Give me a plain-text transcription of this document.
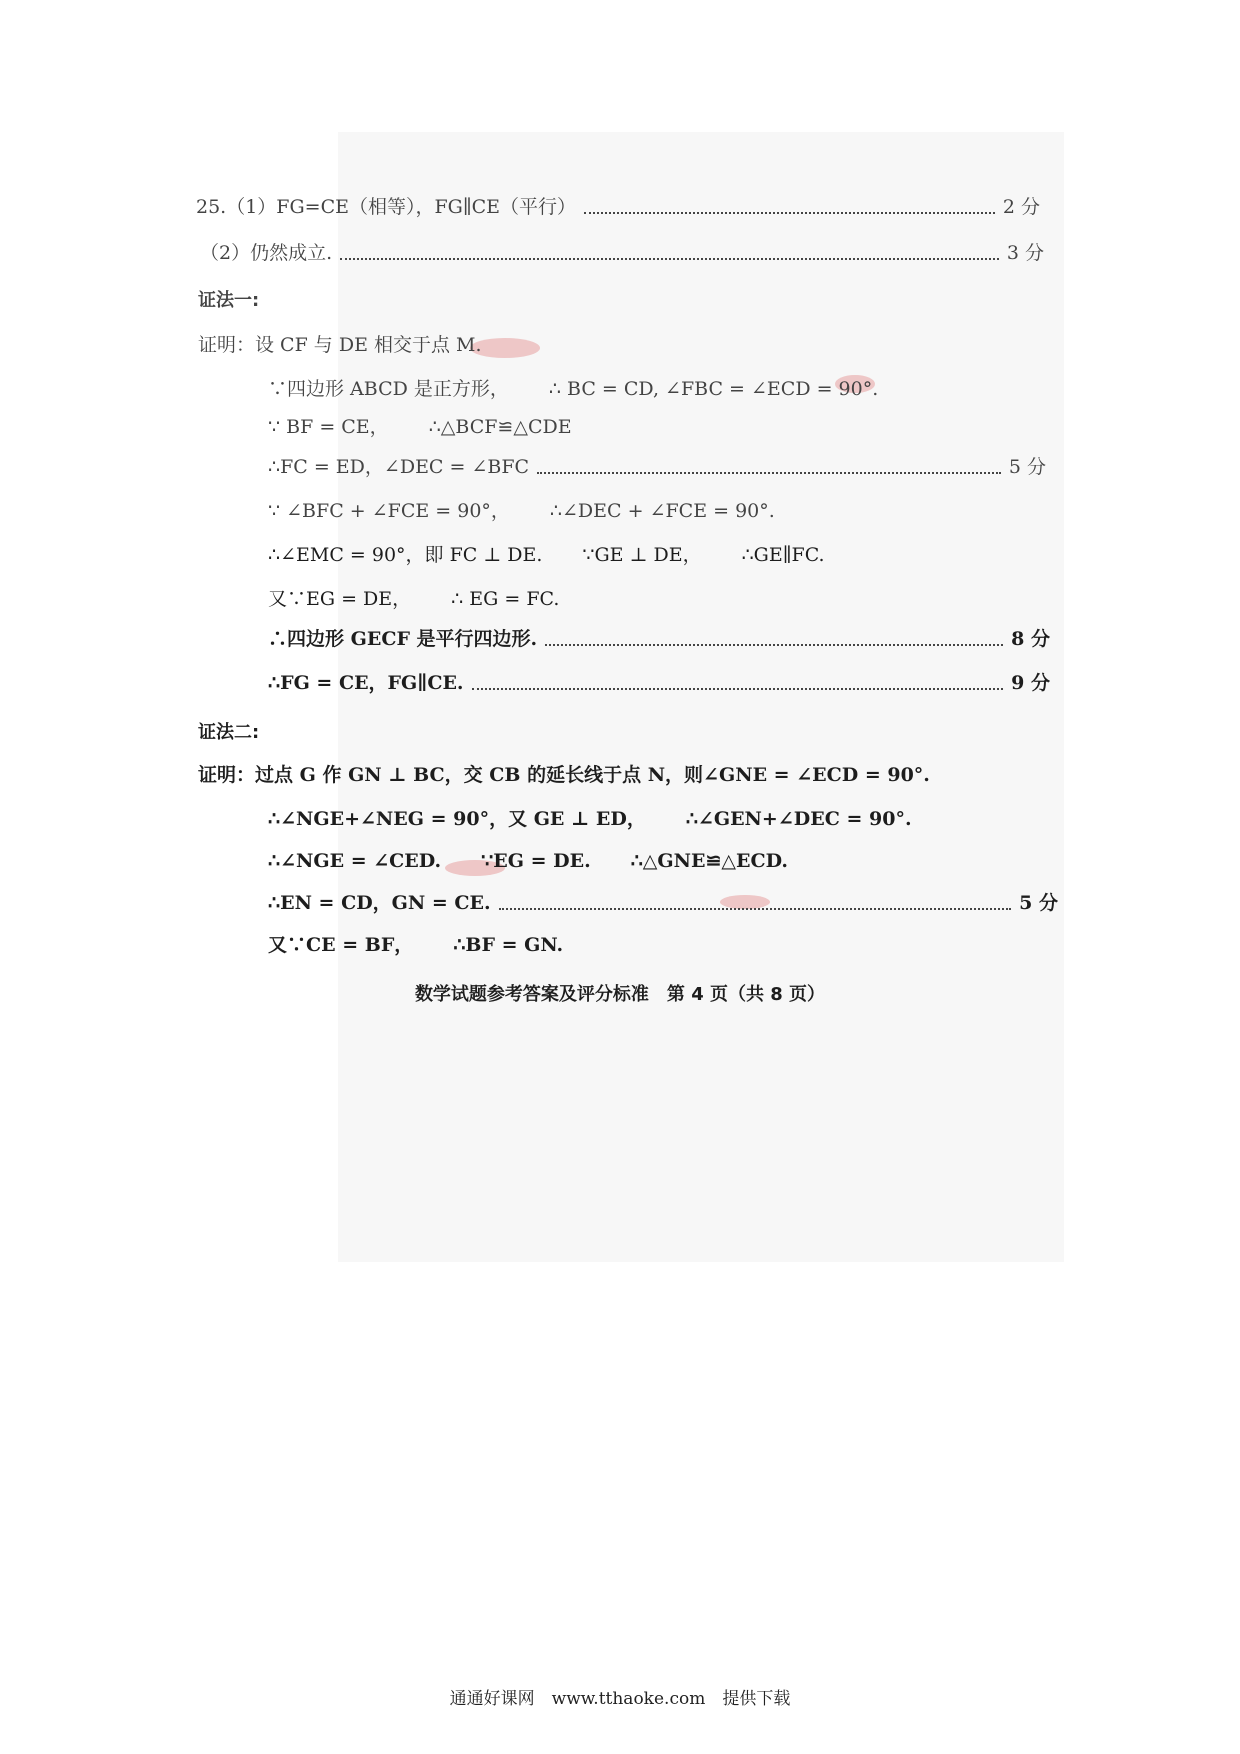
25.（1）FG=CE（相等），FG∥CE（平行）	2 分
（2）仍然成立.	3 分
证法一:
证明：设 CF 与 DE 相交于点 M.
∵四边形 ABCD 是正方形， ∴ BC = CD, ∠FBC = ∠ECD = 90°.
∵ BF = CE， ∴△BCF≌△CDE
∴FC = ED，∠DEC = ∠BFC	5 分
∵ ∠BFC + ∠FCE = 90°， ∴∠DEC + ∠FCE = 90°.
∴∠EMC = 90°，即 FC ⊥ DE. ∵GE ⊥ DE， ∴GE∥FC.
又∵EG = DE， ∴ EG = FC.
∴四边形 GECF 是平行四边形.	8 分
∴FG = CE，FG∥CE.	9 分
证法二:
证明：过点 G 作 GN ⊥ BC，交 CB 的延长线于点 N，则∠GNE = ∠ECD = 90°.
∴∠NGE+∠NEG = 90°，又 GE ⊥ ED， ∴∠GEN+∠DEC = 90°.
∴∠NGE = ∠CED. ∵EG = DE. ∴△GNE≌△ECD.
∴EN = CD，GN = CE.	5 分
又∵CE = BF， ∴BF = GN.
数学试题参考答案及评分标准　第 4 页（共 8 页）
通通好课网　www.tthaoke.com　提供下载
